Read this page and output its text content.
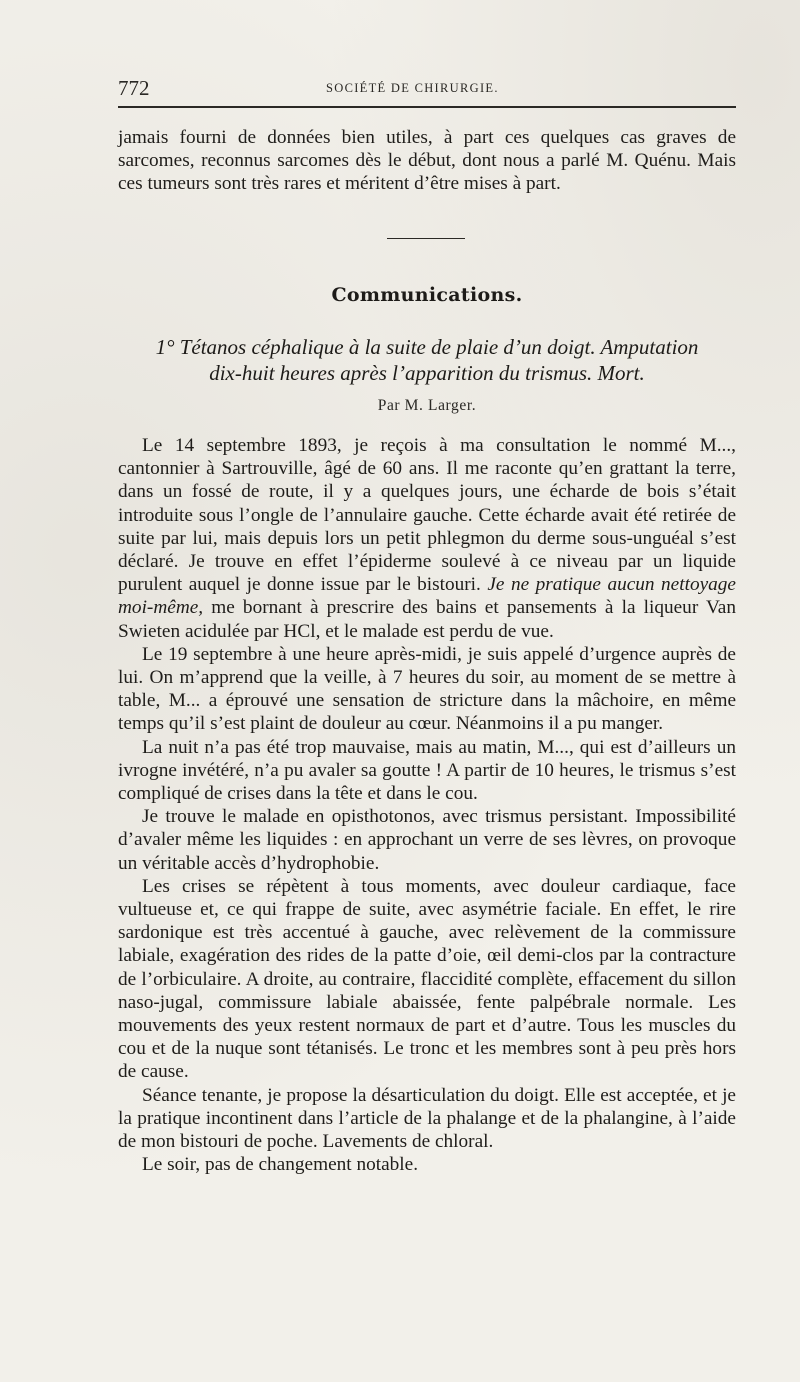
772	SOCIÉTÉ DE CHIRURGIE.

jamais fourni de données bien utiles, à part ces quelques cas graves de sarcomes, reconnus sarcomes dès le début, dont nous a parlé M. Quénu. Mais ces tumeurs sont très rares et méritent d’être mises à part.

Communications.
1° Tétanos céphalique à la suite de plaie d’un doigt. Amputation
dix-huit heures après l’apparition du trismus. Mort.
Par M. Larger.

Le 14 septembre 1893, je reçois à ma consultation le nommé M..., cantonnier à Sartrouville, âgé de 60 ans. Il me raconte qu’en grattant la terre, dans un fossé de route, il y a quelques jours, une écharde de bois s’était introduite sous l’ongle de l’annulaire gauche. Cette écharde avait été retirée de suite par lui, mais depuis lors un petit phlegmon du derme sous-unguéal s’est déclaré. Je trouve en effet l’épiderme soulevé à ce niveau par un liquide purulent auquel je donne issue par le bistouri. Je ne pratique aucun nettoyage moi-même, me bornant à prescrire des bains et pansements à la liqueur Van Swieten acidulée par HCl, et le malade est perdu de vue.

Le 19 septembre à une heure après-midi, je suis appelé d’urgence auprès de lui. On m’apprend que la veille, à 7 heures du soir, au moment de se mettre à table, M... a éprouvé une sensation de stricture dans la mâchoire, en même temps qu’il s’est plaint de douleur au cœur. Néanmoins il a pu manger.

La nuit n’a pas été trop mauvaise, mais au matin, M..., qui est d’ailleurs un ivrogne invétéré, n’a pu avaler sa goutte ! A partir de 10 heures, le trismus s’est compliqué de crises dans la tête et dans le cou.

Je trouve le malade en opisthotonos, avec trismus persistant. Impossibilité d’avaler même les liquides : en approchant un verre de ses lèvres, on provoque un véritable accès d’hydrophobie.

Les crises se répètent à tous moments, avec douleur cardiaque, face vultueuse et, ce qui frappe de suite, avec asymétrie faciale. En effet, le rire sardonique est très accentué à gauche, avec relèvement de la commissure labiale, exagération des rides de la patte d’oie, œil demi-clos par la contracture de l’orbiculaire. A droite, au contraire, flaccidité complète, effacement du sillon naso-jugal, commissure labiale abaissée, fente palpébrale normale. Les mouvements des yeux restent normaux de part et d’autre. Tous les muscles du cou et de la nuque sont tétanisés. Le tronc et les membres sont à peu près hors de cause.

Séance tenante, je propose la désarticulation du doigt. Elle est acceptée, et je la pratique incontinent dans l’article de la phalange et de la phalangine, à l’aide de mon bistouri de poche. Lavements de chloral.

Le soir, pas de changement notable.
